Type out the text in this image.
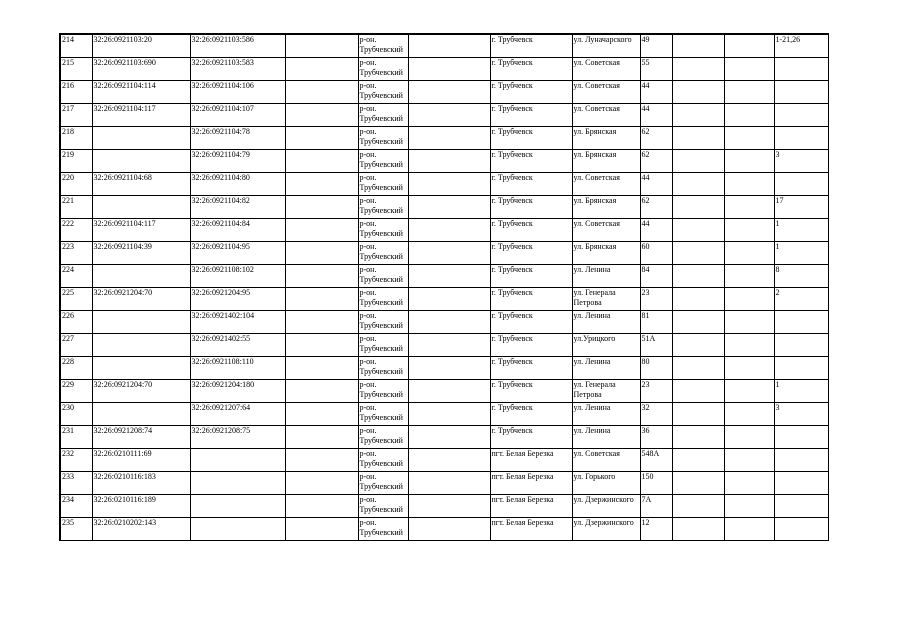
214	32:26:0921103:20	32:26:0921103:586		р-он.
Трубчевский		г. Трубчевск	ул. Луначарского	49			1-21,26
215	32:26:0921103:690	32:26:0921103:583		р-он.
Трубчевский		г. Трубчевск	ул. Советская	55			
216	32:26:0921104:114	32:26:0921104:106		р-он.
Трубчевский		г. Трубчевск	ул. Советская	44			
217	32:26:0921104:117	32:26:0921104:107		р-он.
Трубчевский		г. Трубчевск	ул. Советская	44			
218		32:26:0921104:78		р-он.
Трубчевский		г. Трубчевск	ул. Брянская	62			
219		32:26:0921104:79		р-он.
Трубчевский		г. Трубчевск	ул. Брянская	62			3
220	32:26:0921104:68	32:26:0921104:80		р-он.
Трубчевский		г. Трубчевск	ул. Советская	44			
221		32:26:0921104:82		р-он.
Трубчевский		г. Трубчевск	ул. Брянская	62			17
222	32:26:0921104:117	32:26:0921104:84		р-он.
Трубчевский		г. Трубчевск	ул. Советская	44			1
223	32:26:0921104:39	32:26:0921104:95		р-он.
Трубчевский		г. Трубчевск	ул. Брянская	60			1
224		32:26:0921108:102		р-он.
Трубчевский		г. Трубчевск	ул. Ленина	84			8
225	32:26:0921204:70	32:26:0921204:95		р-он.
Трубчевский		г. Трубчевск	ул. Генерала Петрова	23			2
226		32:26:0921402:104		р-он.
Трубчевский		г. Трубчевск	ул. Ленина	81			
227		32:26:0921402:55		р-он.
Трубчевский		г. Трубчевск	ул.Урицкого	51А			
228		32:26:0921108:110		р-он.
Трубчевский		г. Трубчевск	ул. Ленина	80			
229	32:26:0921204:70	32:26:0921204:180		р-он.
Трубчевский		г. Трубчевск	ул. Генерала Петрова	23			1
230		32:26:0921207:64		р-он.
Трубчевский		г. Трубчевск	ул. Ленина	32			3
231	32:26:0921208:74	32:26:0921208:75		р-он.
Трубчевский		г. Трубчевск	ул. Ленина	36			
232	32:26:0210111:69			р-он.
Трубчевский		пгт. Белая Березка	ул. Советская	548А			
233	32:26:0210116:183			р-он.
Трубчевский		пгт. Белая Березка	ул. Горького	150			
234	32:26:0210116:189			р-он.
Трубчевский		пгт. Белая Березка	ул. Дзержинского	7А			
235	32:26:0210202:143			р-он.
Трубчевский		пгт. Белая Березка	ул. Дзержинского	12			
